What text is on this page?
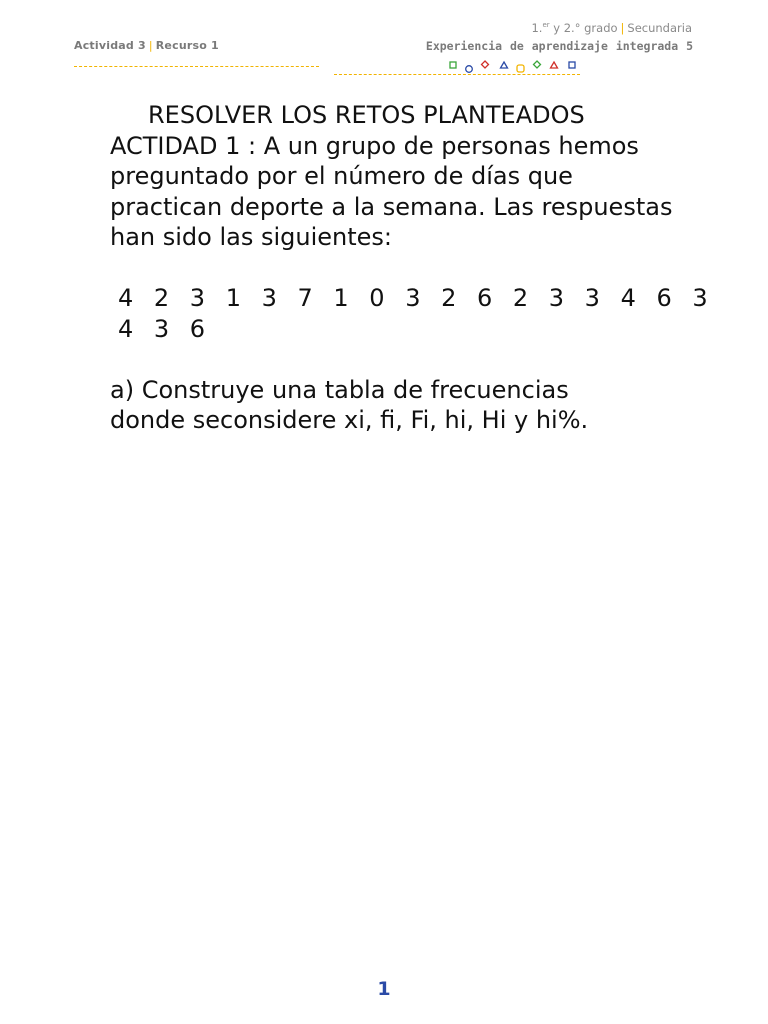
Actividad 3 | Recurso 1
1.$^{er}$ y 2.° grado | Secundaria
Experiencia de aprendizaje integrada 5

RESOLVER LOS RETOS PLANTEADOS

ACTIDAD 1 : A un grupo de personas hemos

preguntado por el número de días que

practican deporte a la semana. Las respuestas

han sido las siguientes:

4 2 3 1 3 7 1 0 3 2 6 2 3 3 4 6 3

4 3 6

a) Construye una tabla de frecuencias

donde seconsidere xi, fi, Fi, hi, Hi y hi%.

1
